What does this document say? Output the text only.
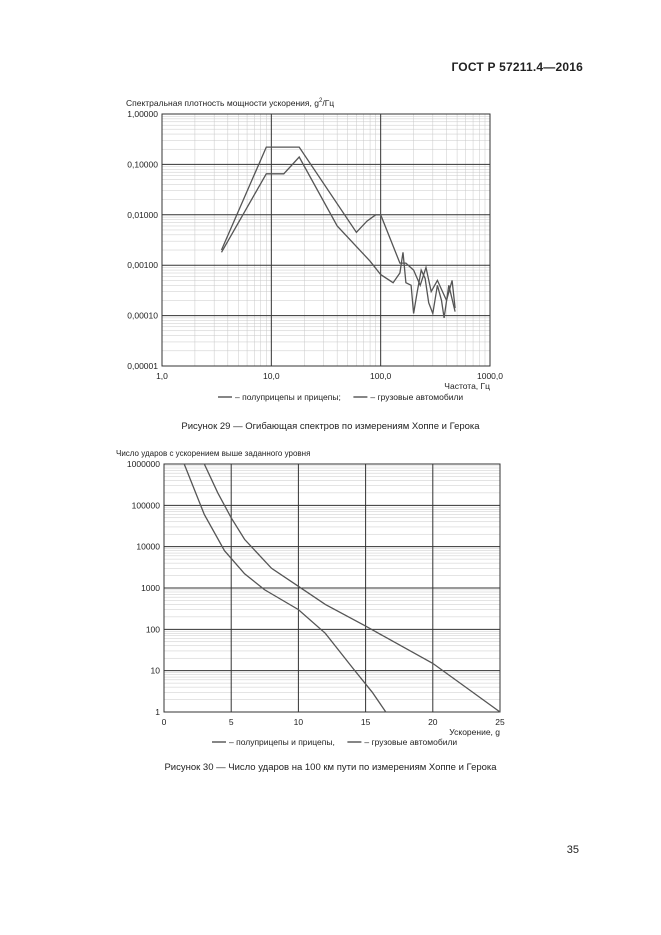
ГОСТ Р 57211.4—2016
Спектральная плотность мощности ускорения, $g^2/Гц$
1,00000
0,10000
0,01000
0,00100
0,00010
0,00001
1,0	10,0	100,0	1000,0
Частота, Гц
– полуприцепы и прицепы;	– грузовые автомобили
Рисунок 29 — Огибающая спектров по измерениям Хоппе и Герока
Число ударов с ускорением выше заданного уровня
1000000
100000
10000
1000
100
10
1
0	5	10	15	20	25
Ускорение, g
– полуприцепы и прицепы,	– грузовые автомобили
Рисунок 30 — Число ударов на 100 км пути по измерениям Хоппе и Герока
35
